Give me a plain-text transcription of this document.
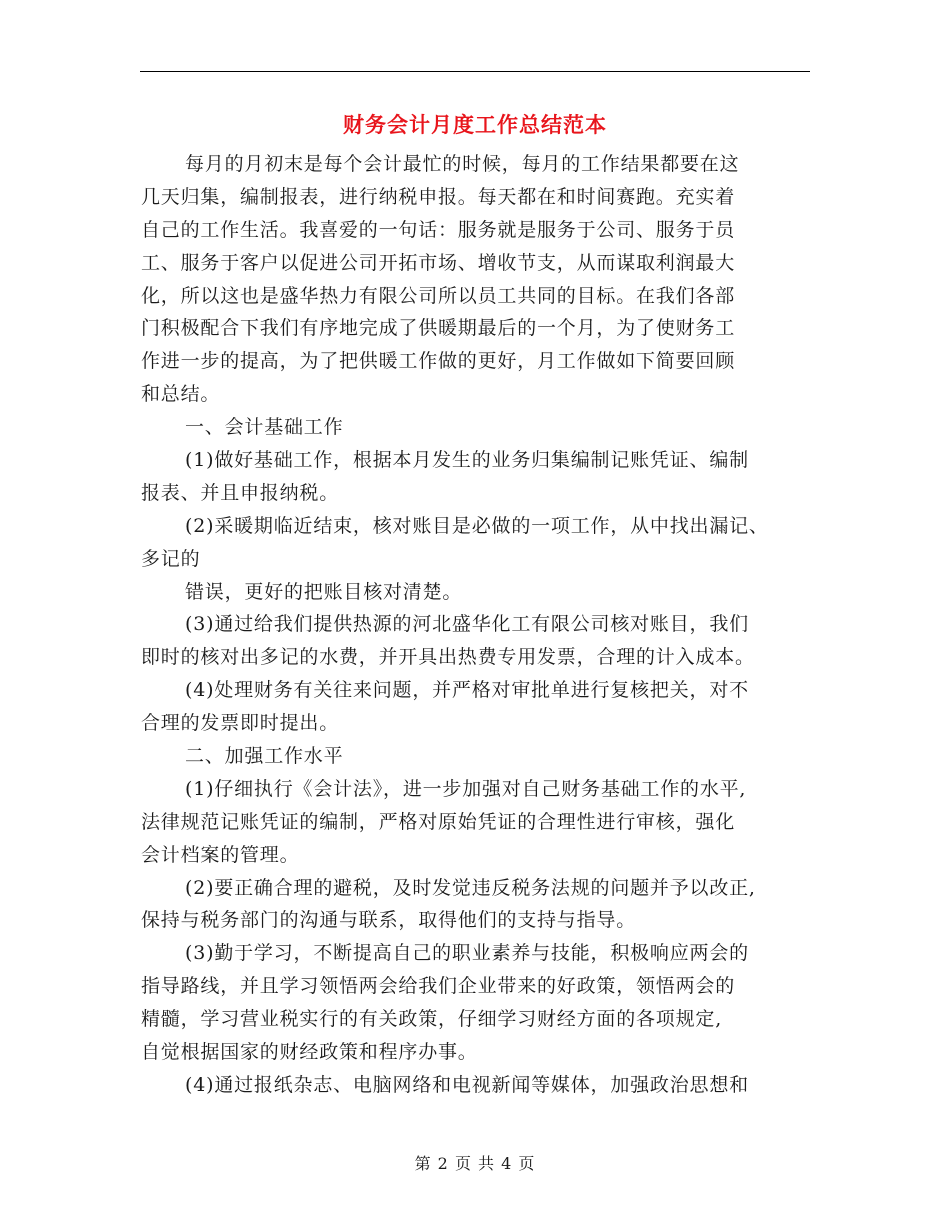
财务会计月度工作总结范本
每月的月初末是每个会计最忙的时候，每月的工作结果都要在这
几天归集，编制报表，进行纳税申报。每天都在和时间赛跑。充实着
自己的工作生活。我喜爱的一句话：服务就是服务于公司、服务于员
工、服务于客户以促进公司开拓市场、增收节支，从而谋取利润最大
化，所以这也是盛华热力有限公司所以员工共同的目标。在我们各部
门积极配合下我们有序地完成了供暖期最后的一个月，为了使财务工
作进一步的提高，为了把供暖工作做的更好，月工作做如下简要回顾
和总结。
一、会计基础工作
(1)做好基础工作，根据本月发生的业务归集编制记账凭证、编制
报表、并且申报纳税。
(2)采暖期临近结束，核对账目是必做的一项工作，从中找出漏记、
多记的
错误，更好的把账目核对清楚。
(3)通过给我们提供热源的河北盛华化工有限公司核对账目，我们
即时的核对出多记的水费，并开具出热费专用发票，合理的计入成本。
(4)处理财务有关往来问题，并严格对审批单进行复核把关，对不
合理的发票即时提出。
二、加强工作水平
(1)仔细执行《会计法》，进一步加强对自己财务基础工作的水平,
法律规范记账凭证的编制，严格对原始凭证的合理性进行审核，强化
会计档案的管理。
(2)要正确合理的避税，及时发觉违反税务法规的问题并予以改正,
保持与税务部门的沟通与联系，取得他们的支持与指导。
(3)勤于学习，不断提高自己的职业素养与技能，积极响应两会的
指导路线，并且学习领悟两会给我们企业带来的好政策，领悟两会的
精髓，学习营业税实行的有关政策，仔细学习财经方面的各项规定,
自觉根据国家的财经政策和程序办事。
(4)通过报纸杂志、电脑网络和电视新闻等媒体，加强政治思想和
第 2 页 共 4 页
